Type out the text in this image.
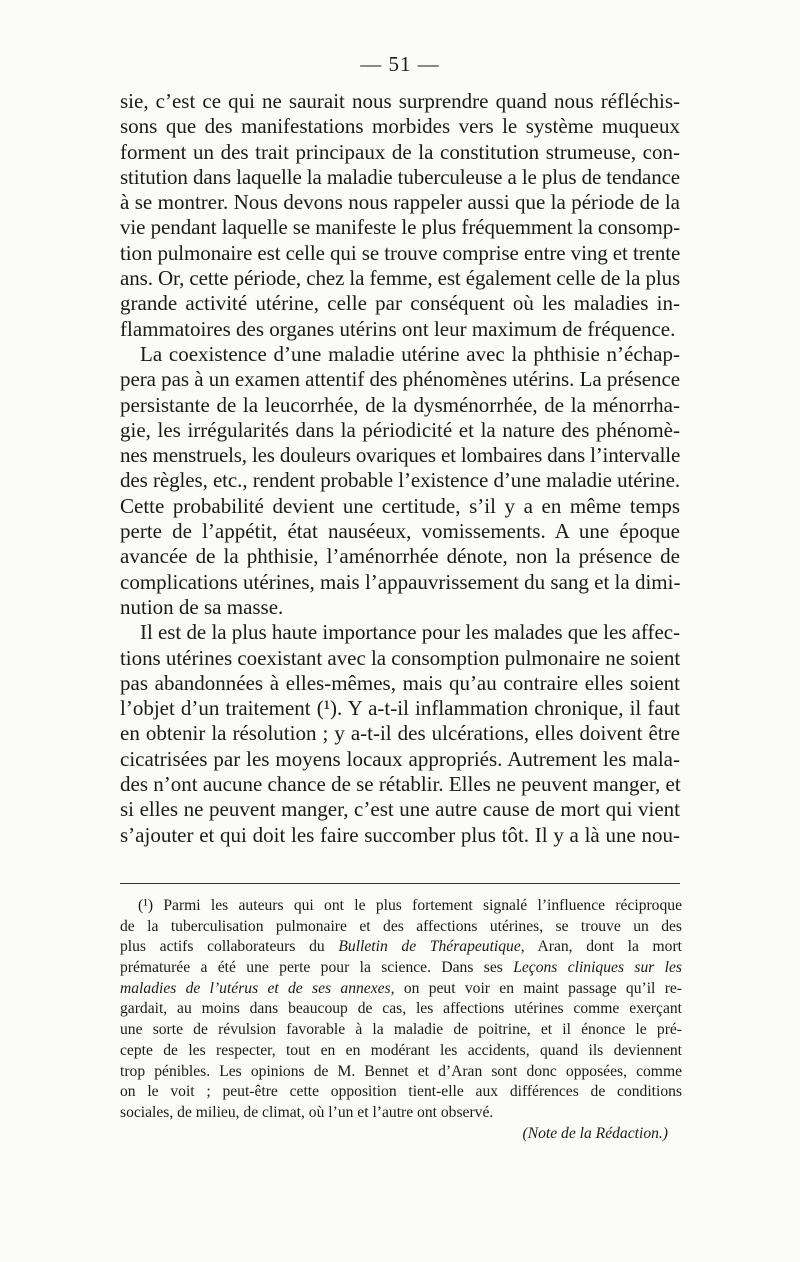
— 51 —
sie, c’est ce qui ne saurait nous surprendre quand nous réfléchis-
sons que des manifestations morbides vers le système muqueux
forment un des trait principaux de la constitution strumeuse, con-
stitution dans laquelle la maladie tuberculeuse a le plus de tendance
à se montrer. Nous devons nous rappeler aussi que la période de la
vie pendant laquelle se manifeste le plus fréquemment la consomp-
tion pulmonaire est celle qui se trouve comprise entre ving et trente
ans. Or, cette période, chez la femme, est également celle de la plus
grande activité utérine, celle par conséquent où les maladies in-
flammatoires des organes utérins ont leur maximum de fréquence.
La coexistence d’une maladie utérine avec la phthisie n’échap-
pera pas à un examen attentif des phénomènes utérins. La présence
persistante de la leucorrhée, de la dysménorrhée, de la ménorrha-
gie, les irrégularités dans la périodicité et la nature des phénomè-
nes menstruels, les douleurs ovariques et lombaires dans l’intervalle
des règles, etc., rendent probable l’existence d’une maladie utérine.
Cette probabilité devient une certitude, s’il y a en même temps
perte de l’appétit, état nauséeux, vomissements. A une époque
avancée de la phthisie, l’aménorrhée dénote, non la présence de
complications utérines, mais l’appauvrissement du sang et la dimi-
nution de sa masse.
Il est de la plus haute importance pour les malades que les affec-
tions utérines coexistant avec la consomption pulmonaire ne soient
pas abandonnées à elles-mêmes, mais qu’au contraire elles soient
l’objet d’un traitement (¹). Y a-t-il inflammation chronique, il faut
en obtenir la résolution ; y a-t-il des ulcérations, elles doivent être
cicatrisées par les moyens locaux appropriés. Autrement les mala-
des n’ont aucune chance de se rétablir. Elles ne peuvent manger, et
si elles ne peuvent manger, c’est une autre cause de mort qui vient
s’ajouter et qui doit les faire succomber plus tôt. Il y a là une nou-
(¹) Parmi les auteurs qui ont le plus fortement signalé l’influence réciproque
de la tuberculisation pulmonaire et des affections utérines, se trouve un des
plus actifs collaborateurs du Bulletin de Thérapeutique, Aran, dont la mort
prématurée a été une perte pour la science. Dans ses Leçons cliniques sur les
maladies de l’utérus et de ses annexes, on peut voir en maint passage qu’il re-
gardait, au moins dans beaucoup de cas, les affections utérines comme exerçant
une sorte de révulsion favorable à la maladie de poitrine, et il énonce le pré-
cepte de les respecter, tout en en modérant les accidents, quand ils deviennent
trop pénibles. Les opinions de M. Bennet et d’Aran sont donc opposées, comme
on le voit ; peut-être cette opposition tient-elle aux différences de conditions
sociales, de milieu, de climat, où l’un et l’autre ont observé.
(Note de la Rédaction.)
